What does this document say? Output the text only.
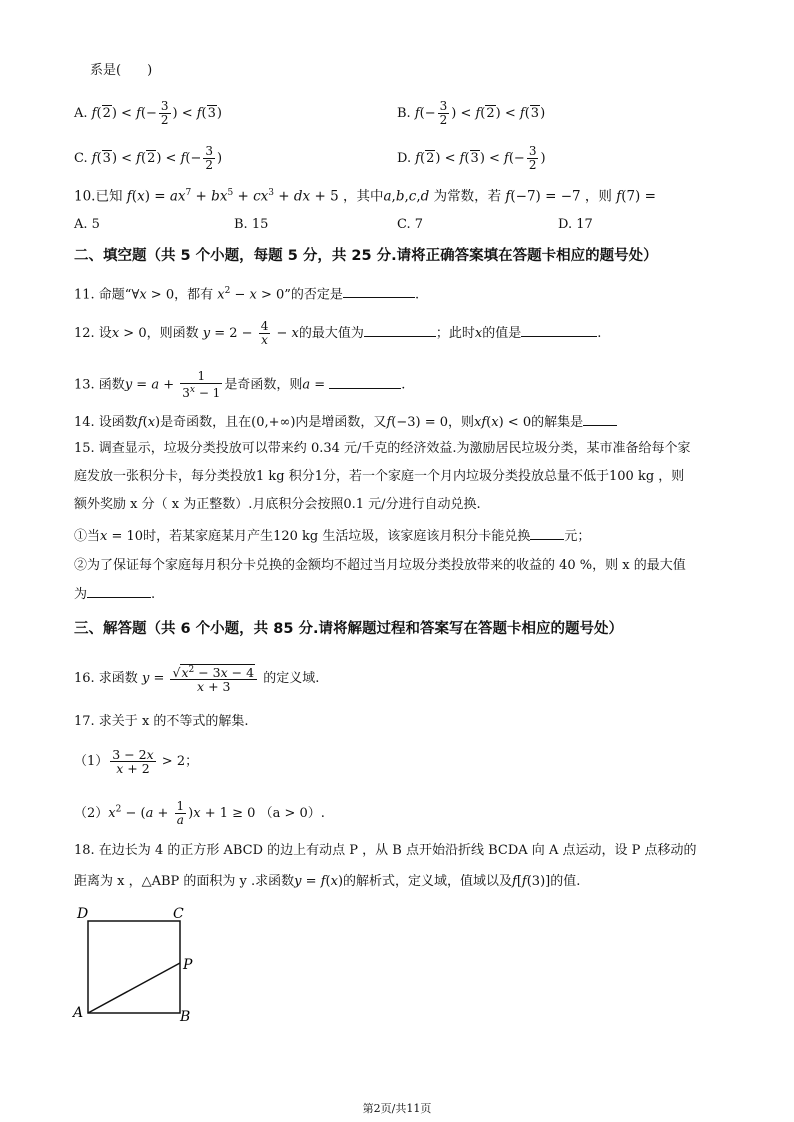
系是(　　)
A. $f(2) < f(- \frac{3}{2}$ ) < f(3)	B. $f(- \frac{3}{2}$ ) < f(2) < f(3)
C. $f(3) < f(2) < f(- \frac{3}{2}$ )	D. $f(2) < f(3) < f(- \frac{3}{2}$ )
10.已知 $f(x) = ax^7 + bx^5 + cx^3$ + dx + 5 ，其中a,b,c,d 为常数，若 f(−7) = −7 ，则 f(7) =
A. 5	B. 15	C. 7	D. 17
二、填空题（共 5 个小题，每题 5 分，共 25 分.请将正确答案填在答题卡相应的题号处）
11. 命题“∀x > 0，都有 $x^2 - x > 0$”的否定是	.
12. 设x > 0，则函数 $y = 2 - \frac{4}{x} - x$的最大值为	；此时x的值是	.
13. 函数$y = a + \frac{1}{3^x - 1}$ 是奇函数，则a =	.
14. 设函数f(x)是奇函数，且在(0,+∞)内是增函数，又f(−3) = 0，则xf(x) < 0的解集是
15. 调查显示，垃圾分类投放可以带来约 0.34 元/千克的经济效益.为激励居民垃圾分类，某市准备给每个家
庭发放一张积分卡，每分类投放1 kg 积分1分，若一个家庭一个月内垃圾分类投放总量不低于100 kg ，则
额外奖励 x 分（ x 为正整数）.月底积分会按照0.1 元/分进行自动兑换.
①当x = 10时，若某家庭某月产生120 kg 生活垃圾，该家庭该月积分卡能兑换	元；
②为了保证每个家庭每月积分卡兑换的金额均不超过当月垃圾分类投放带来的收益的 40 %，则 x 的最大值
为	.
三、解答题（共 6 个小题，共 85 分.请将解题过程和答案写在答题卡相应的题号处）
16. 求函数 $y = \frac{√x^2 - 3x - 4}{x + 3}$ 的定义域.
17. 求关于 x 的不等式的解集.
$(1) \frac{3 - 2x}{x + 2} > 2$；
$(2)x^2 - (a + \frac{1}{a} )x + 1 \ge 0$ （a > 0）.
18. 在边长为 4 的正方形 ABCD 的边上有动点 P ，从 B 点开始沿折线 BCDA 向 A 点运动，设 P 点移动的
距离为 x ，△ABP 的面积为 y .求函数y = f(x)的解析式，定义域，值域以及f[f(3)]的值.
D	C
P
A	B
第2页/共11页
